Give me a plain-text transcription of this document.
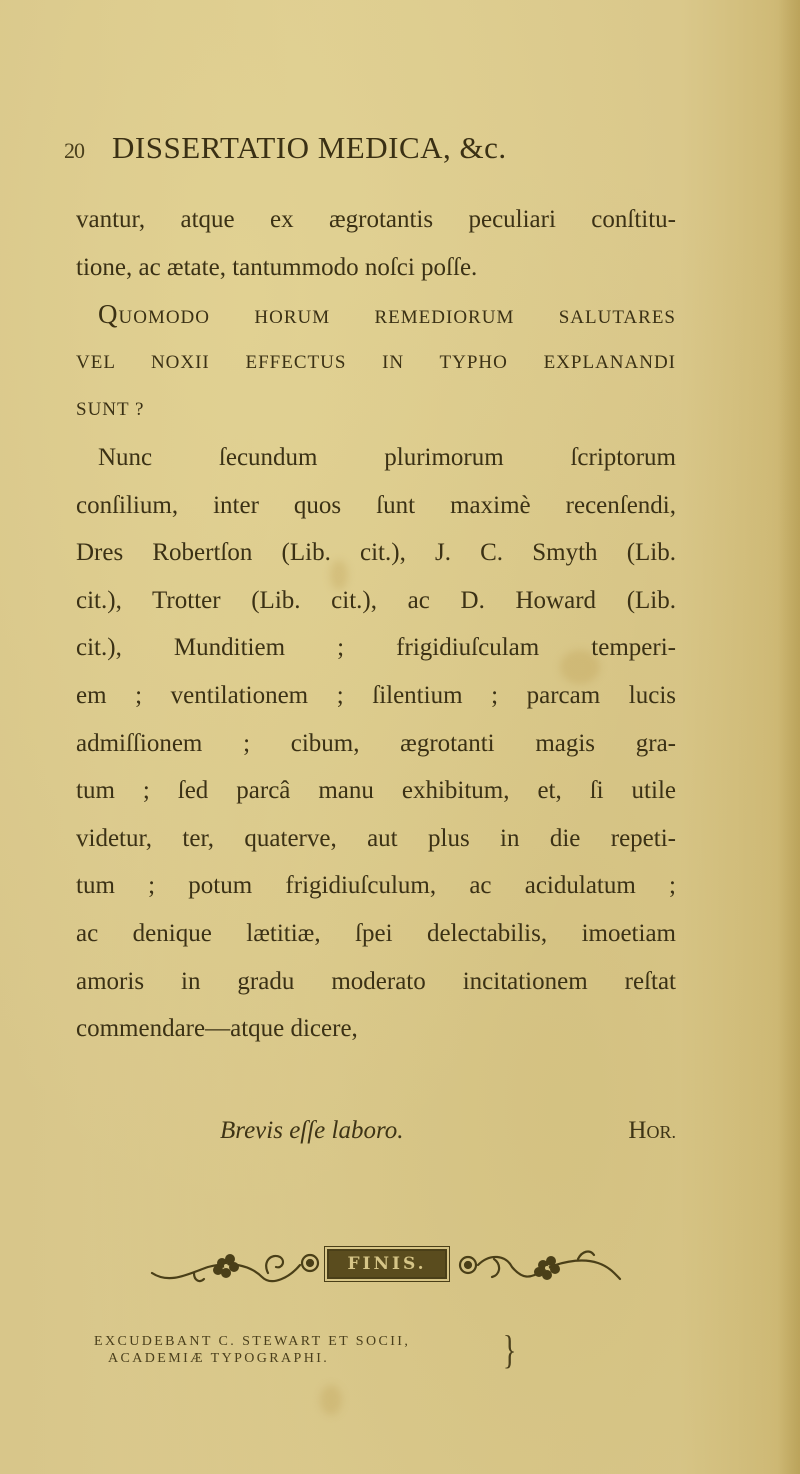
20 DISSERTATIO MEDICA, &c.
vantur, atque ex ægrotantis peculiari conſtitu-
tione, ac ætate, tantummodo noſci poſſe.
QUOMODO HORUM REMEDIORUM SALUTARES
VEL NOXII EFFECTUS IN TYPHO EXPLANANDI
SUNT ?
Nunc ſecundum plurimorum ſcriptorum
conſilium, inter quos ſunt maximè recenſendi,
Dres Robertſon (Lib. cit.), J. C. Smyth (Lib.
cit.), Trotter (Lib. cit.), ac D. Howard (Lib.
cit.), Munditiem ; frigidiuſculam temperi-
em ; ventilationem ; ſilentium ; parcam lucis
admiſſionem ; cibum, ægrotanti magis gra-
tum ; ſed parcâ manu exhibitum, et, ſi utile
videtur, ter, quaterve, aut plus in die repeti-
tum ; potum frigidiuſculum, ac acidulatum ;
ac denique lætitiæ, ſpei delectabilis, imoetiam
amoris in gradu moderato incitationem reſtat
commendare—atque dicere,
Brevis eſſe laboro.	HOR.
FINIS.
EXCUDEBANT C. STEWART ET SOCII,
ACADEMIÆ TYPOGRAPHI.	}
